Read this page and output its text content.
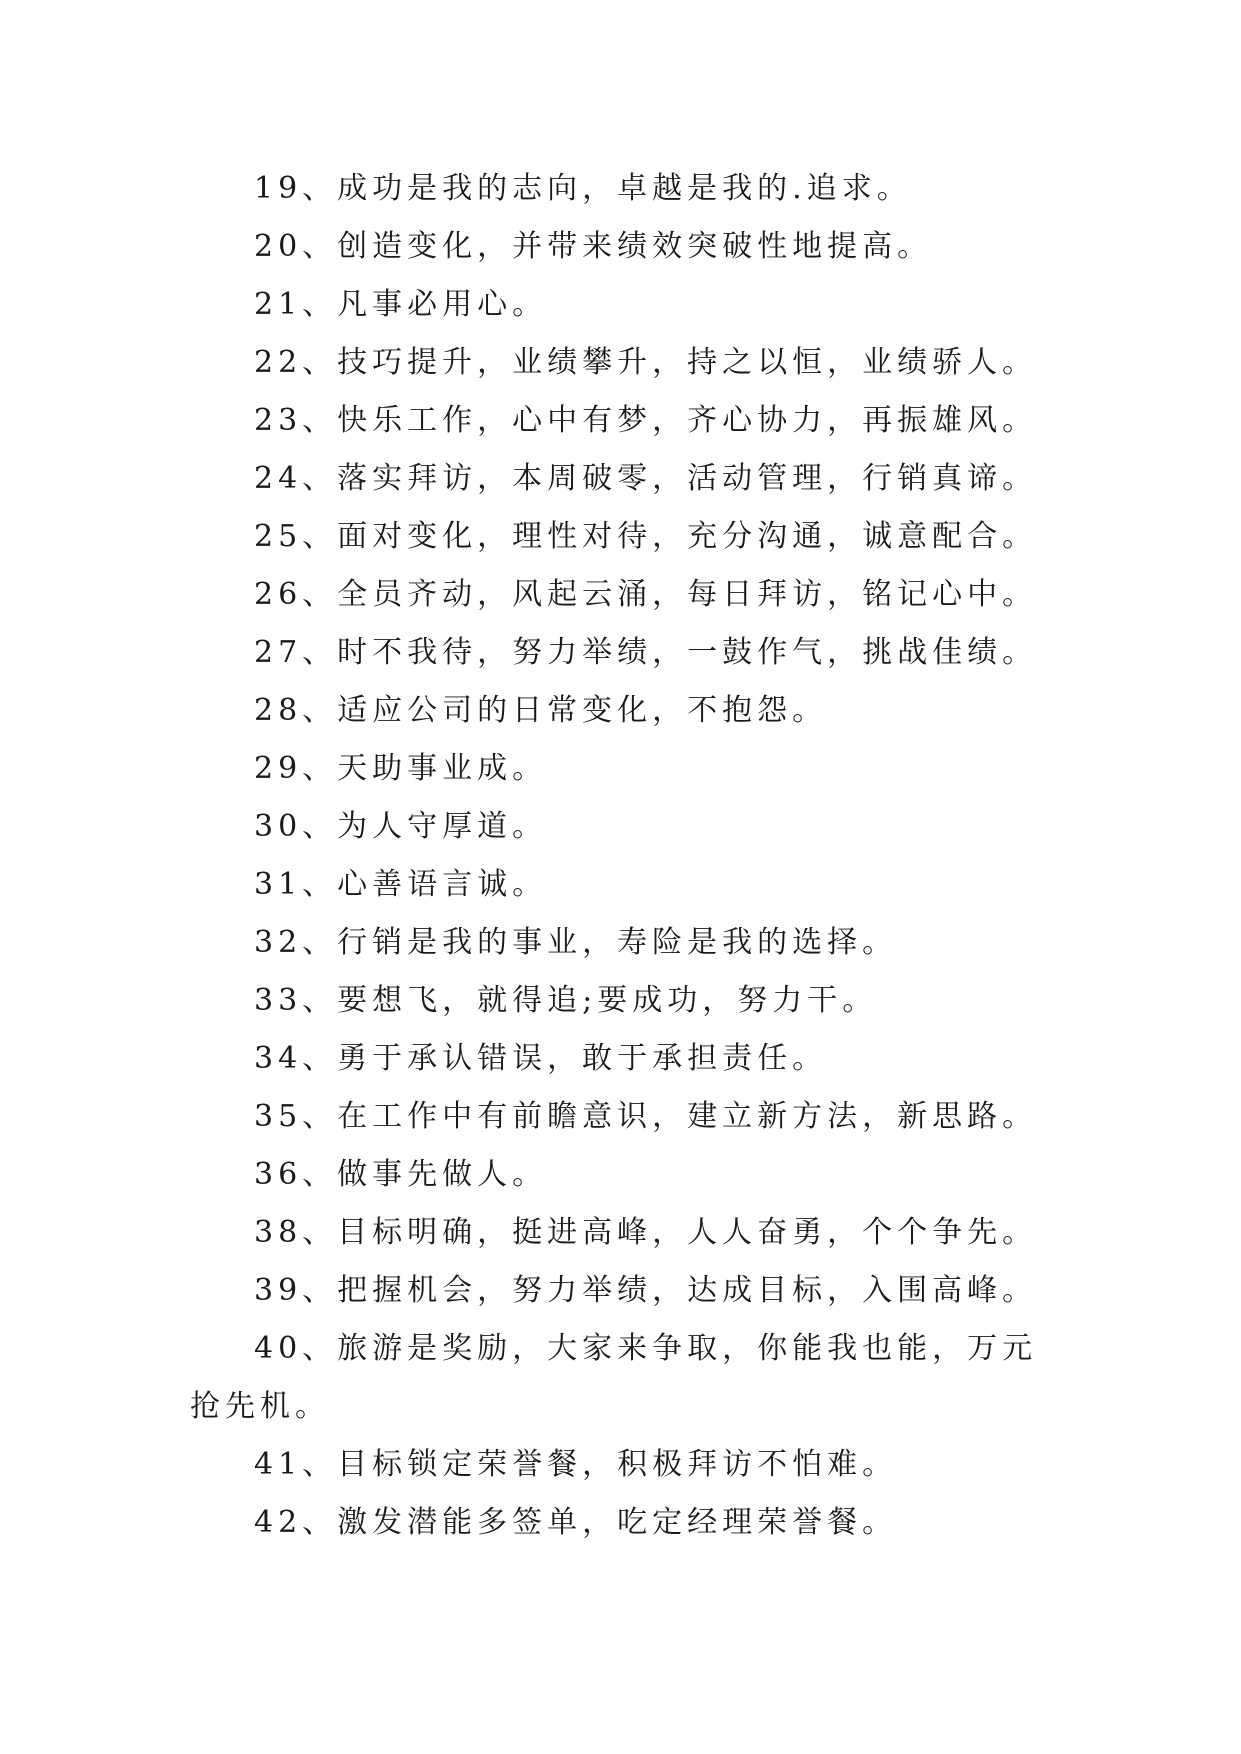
19、成功是我的志向，卓越是我的.追求。

20、创造变化，并带来绩效突破性地提高。

21、凡事必用心。

22、技巧提升，业绩攀升，持之以恒，业绩骄人。

23、快乐工作，心中有梦，齐心协力，再振雄风。

24、落实拜访，本周破零，活动管理，行销真谛。

25、面对变化，理性对待，充分沟通，诚意配合。

26、全员齐动，风起云涌，每日拜访，铭记心中。

27、时不我待，努力举绩，一鼓作气，挑战佳绩。

28、适应公司的日常变化，不抱怨。

29、天助事业成。

30、为人守厚道。

31、心善语言诚。

32、行销是我的事业，寿险是我的选择。

33、要想飞，就得追;要成功，努力干。

34、勇于承认错误，敢于承担责任。

35、在工作中有前瞻意识，建立新方法，新思路。

36、做事先做人。

38、目标明确，挺进高峰，人人奋勇，个个争先。

39、把握机会，努力举绩，达成目标，入围高峰。

40、旅游是奖励，大家来争取，你能我也能，万元抢先机。

41、目标锁定荣誉餐，积极拜访不怕难。

42、激发潜能多签单，吃定经理荣誉餐。
